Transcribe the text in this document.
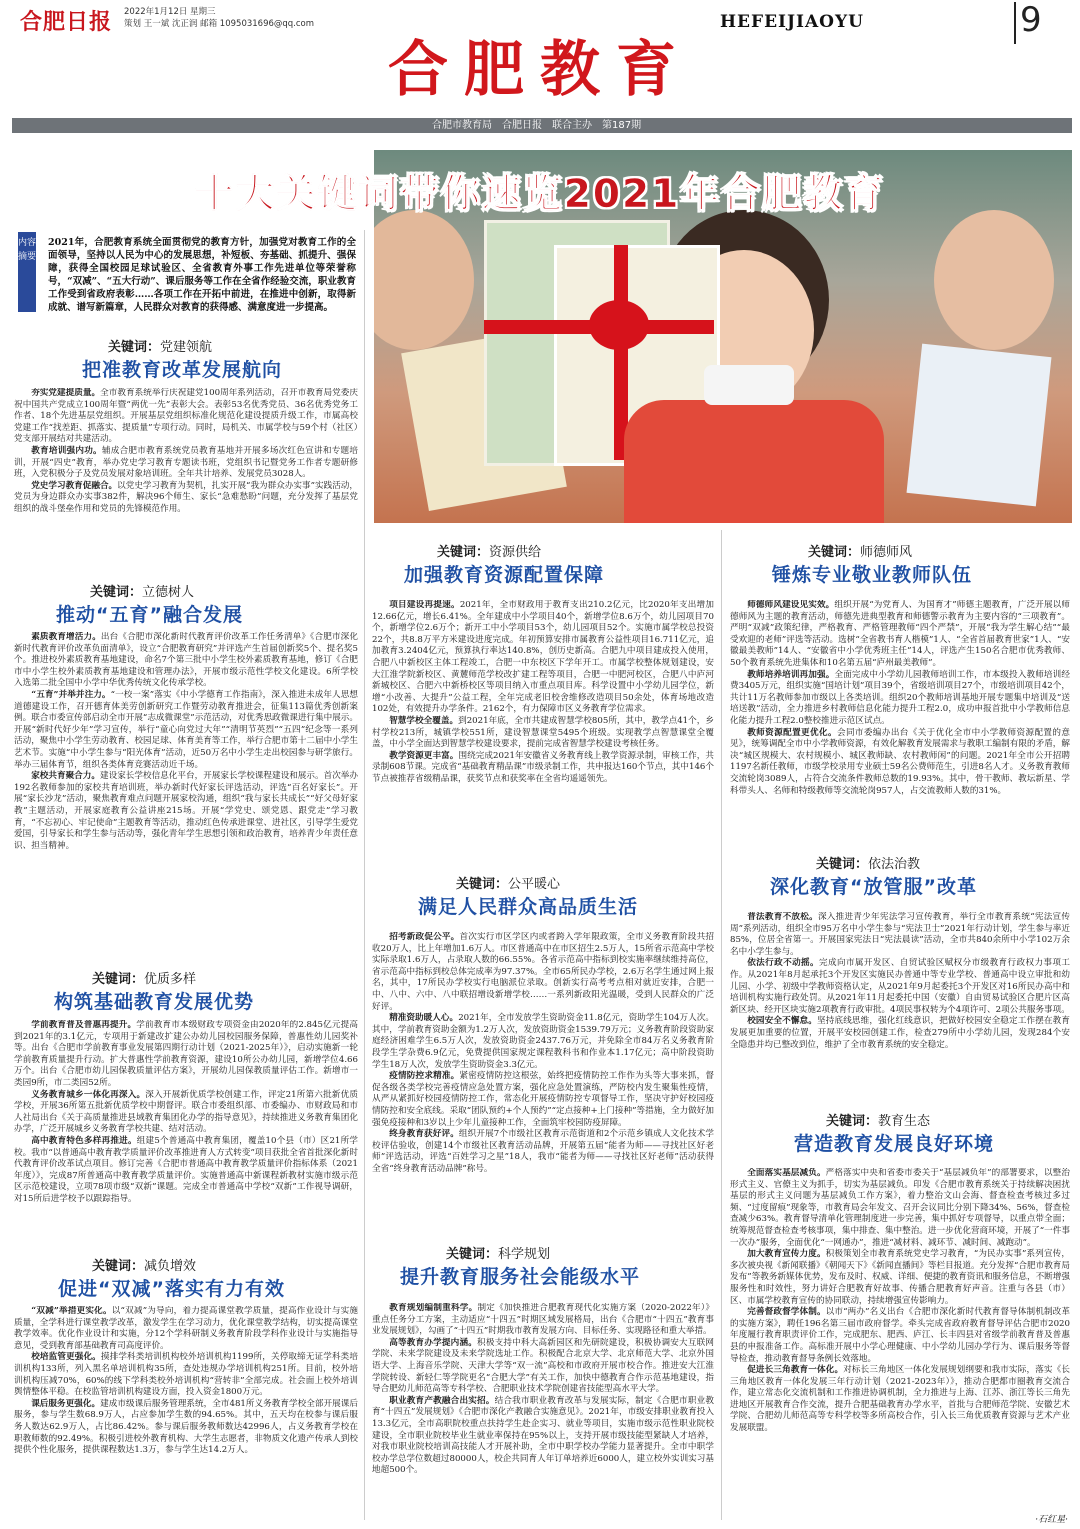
合肥日报 2022年1月12日 星期三
策划 王一斌 沈正润 邮箱 1095031696@qq.com	HEFEIJIAOYU	9
合肥教育
合肥市教育局　合肥日报　联合主办　第187期
十大关键词带你速览2021年合肥教育
内容摘要
2021年，合肥教育系统全面贯彻党的教育方针，加强党对教育工作的全面领导，坚持以人民为中心的发展思想，补短板、夯基础、抓提升、强保障，获得全国校园足球试验区、全省教育外事工作先进单位等荣誉称号，“双减”、“五大行动”、课后服务等工作在全省作经验交流，职业教育工作受到省政府表彰……各项工作在开拓中前进，在推进中创新，取得新成就、谱写新篇章，人民群众对教育的获得感、满意度进一步提高。
关键词：党建领航
把准教育改革发展航向

夯实党建提质量。全市教育系统举行庆祝建党100周年系列活动，召开市教育局党委庆祝中国共产党成立100周年暨“两优一先”表彰大会。表彰53名优秀党员、36名优秀党务工作者、18个先进基层党组织。开展基层党组织标准化规范化建设提质升级工作，市属高校党建工作“找差距、抓落实、提质量”专项行动。同时，局机关、市属学校与59个村（社区）党支部开展结对共建活动。

教育培训强内功。辅成合肥市教育系统党员教育基地并开展多场次红色宣讲和专题培训，开展“四史”教育，举办党史学习教育专题读书班，党组织书记暨党务工作者专题研修班，入党积极分子及党员发展对象培训班。全年共计培养、发展党员3028人。

党史学习教育促融合。以党史学习教育为契机，扎实开展“我为群众办实事”实践活动，党员为身边群众办实事382件，解决96个师生、家长“急难愁盼”问题，充分发挥了基层党组织的战斗堡垒作用和党员的先锋模范作用。

关键词：立德树人
推动“五育”融合发展

素质教育增活力。出台《合肥市深化新时代教育评价改革工作任务清单》《合肥市深化新时代教育评价改革负面清单》，设立“合肥教育研究”并评选产生首届创新奖5个、提名奖5个。推进校外素质教育基地建设，命名7个第三批中小学生校外素质教育基地，修订《合肥市中小学生校外素质教育基地建设和管理办法》，开展市级示范性学校文化建设。6所学校入选第二批全国中小学中华优秀传统文化传承学校。

“五育”并举并注力。“一校一案”落实《中小学德育工作指南》，深入推进未成年人思想道德建设工作，召开德育体美劳创新研究工作暨劳动教育推进会，征集113篇优秀创新案例。联合市委宣传部启动全市开展“志成微课堂”示范活动，对优秀思政微课进行集中展示。开展“新时代好少年”学习宣传，举行“童心向党过大年”“清明节英烈”“五四”纪念等一系列活动，聚焦中小学生劳动教育、校园足球、体育美育等工作，举行合肥市第十二届中小学生艺术节。实施“中小学生参与“阳光体育”活动，近50万名中小学生走出校园参与研学旅行。举办三届体育节，组织各类体育竞赛活动近千场。

家校共育聚合力。建设家长学校信息化平台，开展家长学校课程建设和展示。首次举办192名教师参加的家校共育培训班，举办新时代好家长评选活动，评选“百名好家长”。开展“家长沙龙”活动，聚焦教育难点问题开展家校沟通，组织“我与家长共成长”“好父母好家教”主题活动，开展家庭教育公益讲座215场。开展“学党史、颂党恩、跟党走”学习教育，“不忘初心、牢记使命”主题教育等活动，推动红色传承进课堂、进社区，引导学生爱党爱国，引导家长和学生参与活动等，强化青年学生思想引领和政治教育，培养青少年责任意识、担当精神。

关键词：优质多样
构筑基础教育发展优势

学前教育普及普惠再提升。学前教育市本级财政专项资金由2020年的2.845亿元提高到2021年的3.1亿元，专项用于新建改扩建公办幼儿园校园服务保障，普惠性幼儿园奖补等。出台《合肥市学前教育事业发展第四期行动计划（2021-2025年）》，启动实施新一轮学前教育质量提升行动。扩大普惠性学前教育资源，建设10所公办幼儿园，新增学位4.66万个。出台《合肥市幼儿园保教质量评估方案》，开展幼儿园保教质量评估工作。新增市一类园9所，市二类园52所。

义务教育城乡一体化再深入。深入开展新优质学校创建工作，评定21所第六批新优质学校，开展36所第五批新优质学校中期督评。联合市委组织部、市委编办、市财政局和市人社局出台《关于高质量推进县域教育集团化办学的指导意见》，持续推进义务教育集团化办学，广泛开展城乡义务教育学校共建、结对活动。

高中教育特色多样再推进。组建5个普通高中教育集团，覆盖10个县（市）区21所学校。我市“以普通高中教育教学质量评价改革推进育人方式转变”项目获批全省首批深化新时代教育评价改革试点项目。修订完善《合肥市普通高中教育教学质量评价指标体系（2021年度）》，完成87所普通高中教育教学质量评价。实施普通高中新课程新教材实施市级示范区示范校建设，立项78项市级“双新”课题。完成全市普通高中学校“双新”工作视导调研，对15所后进学校予以跟踪指导。

关键词：减负增效
促进“双减”落实有力有效

“双减”举措更实化。以“双减”为导向，着力提高课堂教学质量，提高作业设计与实施质量，全学科进行课堂教学改革，激发学生在学习动力，优化课堂教学结构，切实提高课堂教学效率。优化作业设计和实施，分12个学科研制义务教育阶段学科作业设计与实施指导意见，受到教育部基础教育司高度评价。

校培监管更强化。摸排学科类培训机构校外培训机构1199所，关停取缔无证学科类培训机构133所，列入黑名单培训机构35所，查处违规办学培训机构251所。目前，校外培训机构压减70%，60%的线下学科类校外培训机构“营转非”全部完成。社会面上校外培训舆情整体平稳。在校监管培训机构建设方面，投入资金1800万元。

课后服务更强化。建成市级课后服务管理系统，全市481所义务教育学校全部开展课后服务，参与学生数68.9万人，占应参加学生数的94.65%。其中，五天均在校参与课后服务人数达62.9万人，占比86.42%。参与课后服务教师数达42996人，占义务教育学校在职教师数的92.49%。积极引进校外教育机构、大学生志愿者，非物质文化遗产传承人到校提供个性化服务，提供课程数达1.3万，参与学生达14.2万人。

关键词：资源供给
加强教育资源配置保障

项目建设再提速。2021年，全市财政用于教育支出210.2亿元，比2020年支出增加12.66亿元，增长6.41%。全年建成中小学项目40个，新增学位8.6万个，幼儿园项目70个，新增学位2.6万个；新开工中小学项目53个，幼儿园项目52个。实施市属学校总投资22个，共8.8万平方米建设进度完成。年初预算安排市属教育公益性项目16.711亿元，追加教育3.2404亿元，预算执行率达140.8%，创历史新高。合肥九中项目建成投入使用，合肥八中新校区主体工程竣工，合肥一中东校区下学年开工。市属学校整体规划建设，安大江淮学院新校区、黄麓师范学校改扩建工程等项目，合肥一中肥河校区，合肥八中庐河新城校区、合肥六中新桥校区等项目纳入市重点项目库。科学设置中小学幼儿园学位，新增“小改善、大提升”公益工程，全年完成老旧校舍维修改造项目50余处，体育场地改造102处，有效提升办学条件。2162个，有力保障市区义务教育学位需求。

智慧学校全覆盖。到2021年底，全市共建成智慧学校805所，其中，教学点41个，乡村学校213所，城镇学校551所，建设智慧课堂5495个班级。实现教学点智慧课堂全覆盖，中小学全面达到智慧学校建设要求，提前完成省智慧学校建设考核任务。

教学资源更丰富。围绕完成2021年安徽省义务教育线上教学资源录制，审核工作，共录制608节课。完成省“基础教育精品课”市级录制工作，共申报达160个节点，其中146个节点被推荐省级精品课，获奖节点和获奖率在全省均遥遥领先。

关键词：公平暖心
满足人民群众高品质生活

招考新政促公平。首次实行市区学区内或者跨入学年限政策，全市义务教育阶段共招收20万人，比上年增加1.6万人。市区普通高中在市区招生2.5万人，15所省示范高中学校实际录取1.6万人，占录取人数的66.55%。各省示范高中指标到校实施率继续维持高位，省示范高中指标到校总体完成率为97.37%。全市65所民办学校，2.6万名学生通过网上报名，其中，17所民办学校实行电脑派位录取。创新实行高考考点相对就近安排，合肥一中、八中、六中、八中联招增设新增学校……一系列新政阳光温暖，受到人民群众的广泛好评。

精准资助暖人心。2021年，全市发放学生资助资金11.8亿元，资助学生104万人次。其中，学前教育资助金额为1.2万人次，发放资助资金1539.79万元；义务教育阶段资助家庭经济困难学生6.5万人次，发放资助资金2437.76万元，并免除全市84万名义务教育阶段学生学杂费6.9亿元，免费提供国家规定课程教科书和作业本1.17亿元；高中阶段资助学生18万人次，发放学生资助资金3.3亿元。

疫情防控求精准。紧密疫情防控这根弦，始终把疫情防控工作作为头等大事来抓，督促各级各类学校完善疫情应急处置方案，强化应急处置演练，严防校内发生聚集性疫情，从严从紧抓好校园疫情防控工作，常态化开展疫情防控专项督导工作，坚决守护好校园疫情防控和安全底线。采取“团队预约+个人预约”“定点接种+上门接种”等措施，全力做好加强免疫接种和3岁以上少年儿童接种工作，全面筑牢校园防疫屏障。

终身教育获好评。组织开展7个市级社区教育示范街道和2个示范乡镇成人文化技术学校评估验收，创建14个市级社区教育活动品牌，开展第五届“能者为师——寻找社区好老师”评选活动，评选“百姓学习之星”18人，我市“能者为师——寻找社区好老师”活动获得全省“终身教育活动品牌”称号。

关键词：科学规划
提升教育服务社会能级水平

教育规划编制重科学。制定《加快推进合肥教育现代化实施方案（2020-2022年）》重点任务分工方案，主动适应“十四五”时期区域发展格局，出台《合肥市“十四五”教育事业发展规划》，勾画了“十四五”时期我市教育发展方向、目标任务、实现路径和重大举措。

高等教育办学提内涵。积极支持中科大高新园区和先研院建设，积极协调安大互联网学院、未来学院建设及未来学院选址工作。积极配合北京大学、北京师范大学、北京外国语大学、上海音乐学院、天津大学等“双一流”高校和市政府开展市校合作。推进安大江淮学院转设、新轻仁等学院更名“合肥大学”有关工作，加快中德教育合作示范基地建设，指导合肥幼儿师范高等专科学校、合肥职业技术学院创建省技能型高水平大学。

职业教育产教融合出实招。结合我市职业教育改革与发展实际，制定《合肥市职业教育“十四五”发展规划》《合肥市深化产教融合实施意见》。2021年，市级安排职业教育投入13.3亿元，全市高职院校重点扶持学生赴企实习、就业等项目，实施市级示范性职业院校建设，全市职业院校毕业生就业率保持在95%以上，支持开展市级技能型紧缺人才培养，对我市职业院校培训高技能人才开展补助，全市中职学校办学能力显著提升。全市中职学校办学总学位数超过80000人，校企共同育人年订单培养近6000人，建立校外实训实习基地超500个。

关键词：师德师风
锤炼专业敬业教师队伍

师德师风建设见实效。组织开展“为党育人、为国育才”师德主题教育，广泛开展以师德师风为主题的教育活动，师德先进典型教育和师德警示教育为主要内容的“三项教育”。严明“双减”政策纪律，严格教育、严格管理教师“四个严禁”，开展“我为学生解心结”“最受欢迎的老师”评选等活动。选树“全省教书育人楷模”1人、“全省首届教育世家”1人、“安徽最美教师”14人、“安徽省中小学优秀班主任”14人，评选产生150名合肥市优秀教师、50个教育系统先进集体和10名第五届“庐州最美教师”。

教师培养培训再加强。全面完成中小学幼儿园教师培训工作，市本级投入教师培训经费3405万元，组织实施“国培计划”项目39个，省级培训项目27个，市级培训项目42个，共计11万名教师参加市级以上各类培训。组织20个教师培训基地开展专题集中培训及“送培送教”活动，全力推进乡村教师信息化能力提升工程2.0，成功申报首批中小学教师信息化能力提升工程2.0整校推进示范区试点。

教师资源配置更优化。会同市委编办出台《关于优化全市中小学教师资源配置的意见》，统筹调配全市中小学教师资源，有效化解教育发展需求与教职工编制有限的矛盾，解决“城区规模大、农村规模小、城区教师缺、农村教师闲”的问题。2021年全市公开招聘1197名新任教师，市级学校录用专业硕士59名公费师范生，引进8名人才。义务教育教师交流轮岗3089人，占符合交流条件教师总数的19.93%。其中，骨干教师、教坛新星、学科带头人、名师和特级教师等交流轮岗957人，占交流教师人数的31%。

关键词：依法治教
深化教育“放管服”改革

普法教育不放松。深入推进青少年宪法学习宣传教育，举行全市教育系统“宪法宣传周”系列活动，组织全市95万名中小学生参与“宪法卫士”2021年行动计划，学生参与率近85%，位居全省第一。开展国家宪法日“宪法晨读”活动，全市共840余所中小学102万余名中小学生参与。

依法行政不动摇。完成向市属开发区、自贸试验区赋权分市级教育行政权力事项工作。从2021年8月起承托3个开发区实施民办普通中等专业学校、普通高中设立审批和幼儿园、小学、初级中学教师资格认定，从2021年9月起委托3个开发区对16所民办高中和培训机构实施行政处罚。从2021年11月起委托中国（安徽）自由贸易试验区合肥片区高新区块、经开区块实施2项教育行政审批。4项民事权转为个4项许可、2项公共服务事项。

校园安全不懈怠。坚持底线思维，强化红线意识，把做好校园安全稳定工作摆在教育发展更加重要的位置，开展平安校园创建工作，检查279所中小学幼儿园，发现284个安全隐患并均已整改到位，维护了全市教育系统的安全稳定。

关键词：教育生态
营造教育发展良好环境

全面落实基层减负。严格落实中央和省委市委关于“基层减负年”的部署要求，以整治形式主义、官僚主义为抓手，切实为基层减负。印发《合肥市教育系统关于持续解决困扰基层的形式主义问题为基层减负工作方案》，着力整治文山会海、督查检查考核过多过频、“过度留痕”现象等，市教育局会年发文、召开会议同比分别下降34%、56%，督查检查减少63%。教育督导清单化管理制度进一步完善，集中抓好专项督导，以重点带全面；统筹规范督查检查考核事项，集中排查、集中整治。进一步优化营商环境，开展了“一件事一次办”服务，全面优化“一网通办”，推进“减材料、减环节、减时间、减跑动”。

加大教育宣传力度。积极策划全市教育系统党史学习教育，“为民办实事”系列宣传，多次被央视《新闻联播》《朝闻天下》《新闻直播间》等栏目报道。充分发挥“合肥市教育局发布”等教务新媒体优势，发布及时、权威、详细、便捷的教育资讯和服务信息，不断增强服务性和时效性，努力讲好合肥教育好故事、传播合肥教育好声音。注重与各县（市）区、市属学校教育宣传的协同联动，持续增强宣传影响力。

完善督政督学体制。以市“两办”名义出台《合肥市深化新时代教育督导体制机制改革的实施方案》，聘任196名第三届市政府督学。牵头完成省政府教育督导评估合肥市2020年度履行教育职责评价工作，完成肥东、肥西、庐江、长丰四县对省级学前教育普及普惠县的申报准备工作。高标准开展中小学心理健康、中小学幼儿园办学行为、课后服务等督导检查，推动教育督导条例长效落地。

促进长三角教育一体化。对标长三角地区一体化发展规划纲要和我市实际，落实《长三角地区教育一体化发展三年行动计划（2021-2023年）》，推动合肥都市圈教育交流合作，建立常态化交流机制和工作推进协调机制，全力推进与上海、江苏、浙江等长三角先进地区开展教育合作交流，提升合肥基础教育办学水平，首批与合肥师范学院、安徽艺术学院、合肥幼儿师范高等专科学校等多所高校合作，引入长三角优质教育资源与艺术产业发展联盟。

·石红星·
